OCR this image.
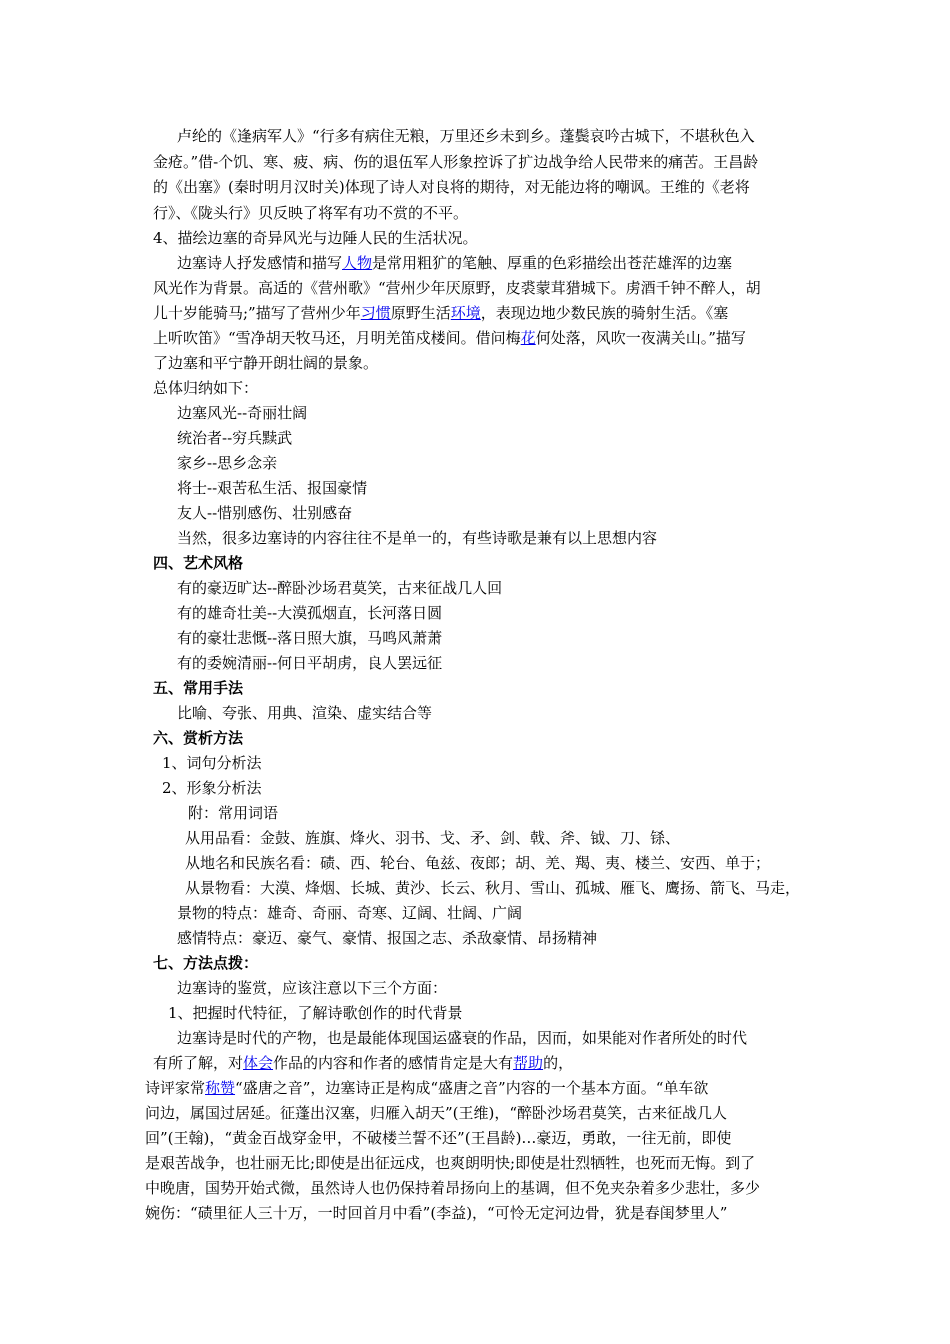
卢纶的《逢病军人》“行多有病住无粮，万里还乡未到乡。蓬鬓哀吟古城下，不堪秋色入
金疮。”借-个饥、寒、疲、病、伤的退伍军人形象控诉了扩边战争给人民带来的痛苦。王昌龄
的《出塞》(秦时明月汉时关)体现了诗人对良将的期待，对无能边将的嘲讽。王维的《老将
行》、《陇头行》贝反映了将军有功不赏的不平。
4、描绘边塞的奇异风光与边陲人民的生活状况。
边塞诗人抒发感情和描写人物是常用粗犷的笔触、厚重的色彩描绘出苍茫雄浑的边塞
风光作为背景。高适的《营州歌》“营州少年厌原野，皮裘蒙茸猎城下。虏酒千钟不醉人，胡
儿十岁能骑马;”描写了营州少年习惯原野生活环境，表现边地少数民族的骑射生活。《塞
上听吹笛》“雪净胡天牧马还，月明羌笛戍楼间。借问梅花何处落，风吹一夜满关山。”描写
了边塞和平宁静开朗壮阔的景象。
总体归纳如下：
边塞风光--奇丽壮阔
统治者--穷兵黩武
家乡--思乡念亲
将士--艰苦私生活、报国豪情
友人--惜别感伤、壮别感奋
当然，很多边塞诗的内容往往不是单一的，有些诗歌是兼有以上思想内容
四、艺术风格
有的豪迈旷达--醉卧沙场君莫笑，古来征战几人回
有的雄奇壮美--大漠孤烟直，长河落日圆
有的豪壮悲慨--落日照大旗，马鸣风萧萧
有的委婉清丽--何日平胡虏，良人罢远征
五、常用手法
比喻、夸张、用典、渲染、虚实结合等
六、赏析方法
1、词句分析法
2、形象分析法
附：常用词语
从用品看：金鼓、旌旗、烽火、羽书、戈、矛、剑、戟、斧、钺、刀、铩、
从地名和民族名看：碛、西、轮台、龟兹、夜郎；胡、羌、羯、夷、楼兰、安西、单于；
从景物看：大漠、烽烟、长城、黄沙、长云、秋月、雪山、孤城、雁飞、鹰扬、箭飞、马走，
景物的特点：雄奇、奇丽、奇寒、辽阔、壮阔、广阔
感情特点：豪迈、豪气、豪情、报国之志、杀敌豪情、昂扬精神
七、方法点拨：
边塞诗的鉴赏，应该注意以下三个方面：
1、把握时代特征，了解诗歌创作的时代背景
边塞诗是时代的产物，也是最能体现国运盛衰的作品，因而，如果能对作者所处的时代
有所了解，对体会作品的内容和作者的感情肯定是大有帮助的，
诗评家常称赞“盛唐之音”，边塞诗正是构成“盛唐之音”内容的一个基本方面。“单车欲
问边，属国过居延。征蓬出汉塞，归雁入胡天”(王维)，“醉卧沙场君莫笑，古来征战几人
回”(王翰)，“黄金百战穿金甲，不破楼兰誓不还”(王昌龄)…豪迈，勇敢，一往无前，即使
是艰苦战争，也壮丽无比;即使是出征远戍，也爽朗明快;即使是壮烈牺牲，也死而无悔。到了
中晚唐，国势开始式微，虽然诗人也仍保持着昂扬向上的基调，但不免夹杂着多少悲壮，多少
婉伤：“碛里征人三十万，一时回首月中看”(李益)，“可怜无定河边骨，犹是春闺梦里人”
